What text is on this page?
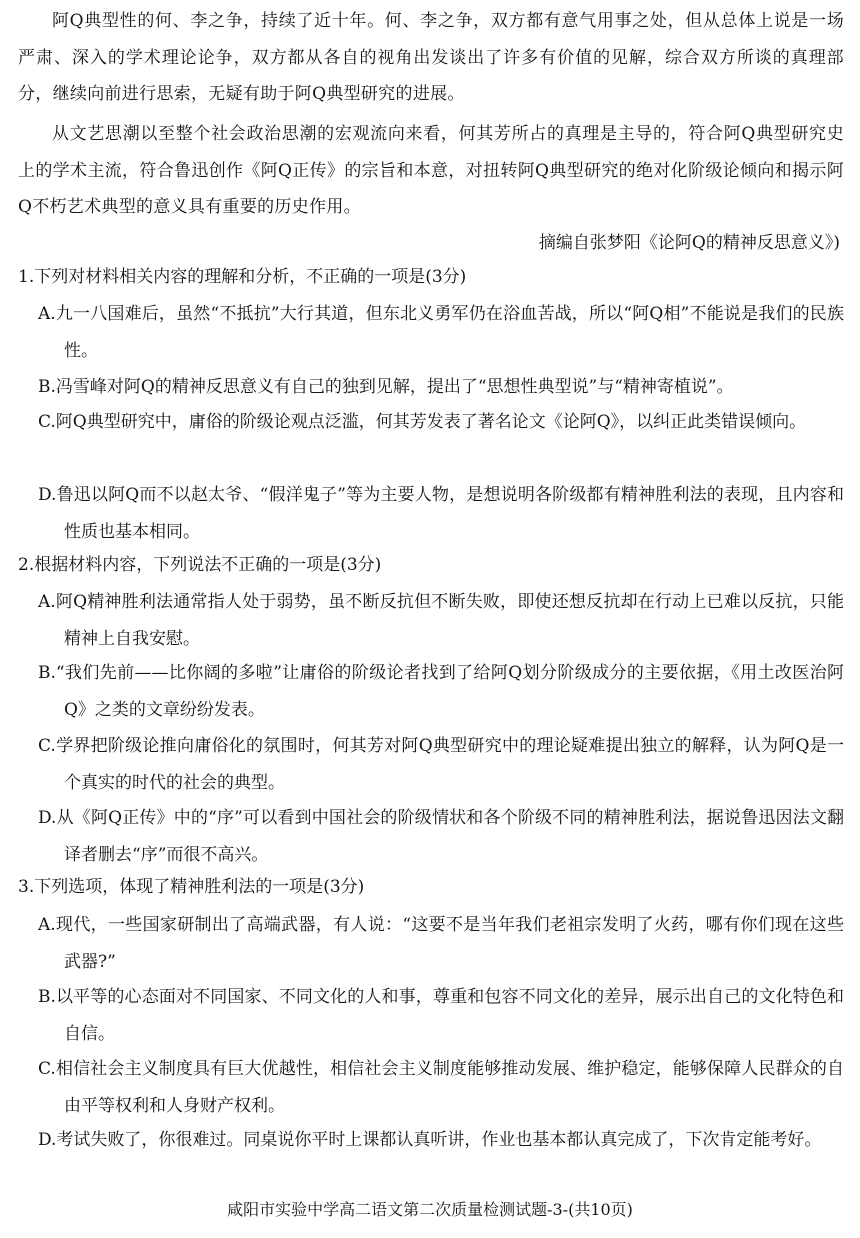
阿Q典型性的何、李之争，持续了近十年。何、李之争，双方都有意气用事之处，但从总体上说是一场严肃、深入的学术理论论争，双方都从各自的视角出发谈出了许多有价值的见解，综合双方所谈的真理部分，继续向前进行思索，无疑有助于阿Q典型研究的进展。

从文艺思潮以至整个社会政治思潮的宏观流向来看，何其芳所占的真理是主导的，符合阿Q典型研究史上的学术主流，符合鲁迅创作《阿Q正传》的宗旨和本意，对扭转阿Q典型研究的绝对化阶级论倾向和揭示阿Q不朽艺术典型的意义具有重要的历史作用。

摘编自张梦阳《论阿Q的精神反思意义》)
1.下列对材料相关内容的理解和分析，不正确的一项是(3分)
A.九一八国难后，虽然“不抵抗”大行其道，但东北义勇军仍在浴血苦战，所以“阿Q相”不能说是我们的民族性。
B.冯雪峰对阿Q的精神反思意义有自己的独到见解，提出了“思想性典型说”与“精神寄植说”。
C.阿Q典型研究中，庸俗的阶级论观点泛滥，何其芳发表了著名论文《论阿Q》，以纠正此类错误倾向。
D.鲁迅以阿Q而不以赵太爷、“假洋鬼子”等为主要人物，是想说明各阶级都有精神胜利法的表现，且内容和性质也基本相同。
2.根据材料内容，下列说法不正确的一项是(3分)
A.阿Q精神胜利法通常指人处于弱势，虽不断反抗但不断失败，即使还想反抗却在行动上已难以反抗，只能精神上自我安慰。
B.“我们先前——比你阔的多啦”让庸俗的阶级论者找到了给阿Q划分阶级成分的主要依据，《用土改医治阿Q》之类的文章纷纷发表。
C.学界把阶级论推向庸俗化的氛围时，何其芳对阿Q典型研究中的理论疑难提出独立的解释，认为阿Q是一个真实的时代的社会的典型。
D.从《阿Q正传》中的“序”可以看到中国社会的阶级情状和各个阶级不同的精神胜利法，据说鲁迅因法文翻译者删去“序”而很不高兴。
3.下列选项，体现了精神胜利法的一项是(3分)
A.现代，一些国家研制出了高端武器，有人说：“这要不是当年我们老祖宗发明了火药，哪有你们现在这些武器?”
B.以平等的心态面对不同国家、不同文化的人和事，尊重和包容不同文化的差异，展示出自己的文化特色和自信。
C.相信社会主义制度具有巨大优越性，相信社会主义制度能够推动发展、维护稳定，能够保障人民群众的自由平等权利和人身财产权利。
D.考试失败了，你很难过。同桌说你平时上课都认真听讲，作业也基本都认真完成了，下次肯定能考好。
咸阳市实验中学高二语文第二次质量检测试题-3-(共10页)
